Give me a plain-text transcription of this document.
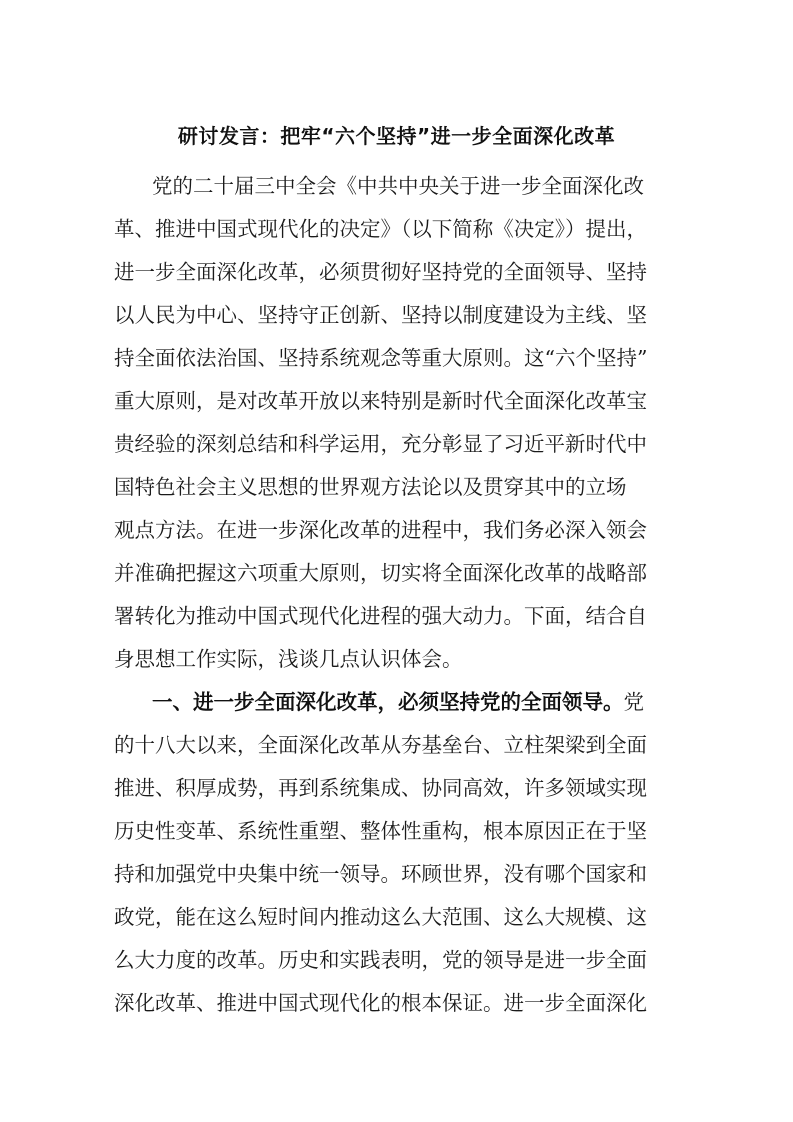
研讨发言：把牢“六个坚持”进一步全面深化改革
党的二十届三中全会《中共中央关于进一步全面深化改
革、推进中国式现代化的决定》（以下简称《决定》）提出，
进一步全面深化改革，必须贯彻好坚持党的全面领导、坚持
以人民为中心、坚持守正创新、坚持以制度建设为主线、坚
持全面依法治国、坚持系统观念等重大原则。这“六个坚持”
重大原则，是对改革开放以来特别是新时代全面深化改革宝
贵经验的深刻总结和科学运用，充分彰显了习近平新时代中
国特色社会主义思想的世界观方法论以及贯穿其中的立场
观点方法。在进一步深化改革的进程中，我们务必深入领会
并准确把握这六项重大原则，切实将全面深化改革的战略部
署转化为推动中国式现代化进程的强大动力。下面，结合自
身思想工作实际，浅谈几点认识体会。
一、进一步全面深化改革，必须坚持党的全面领导。党
的十八大以来，全面深化改革从夯基垒台、立柱架梁到全面
推进、积厚成势，再到系统集成、协同高效，许多领域实现
历史性变革、系统性重塑、整体性重构，根本原因正在于坚
持和加强党中央集中统一领导。环顾世界，没有哪个国家和
政党，能在这么短时间内推动这么大范围、这么大规模、这
么大力度的改革。历史和实践表明，党的领导是进一步全面
深化改革、推进中国式现代化的根本保证。进一步全面深化
